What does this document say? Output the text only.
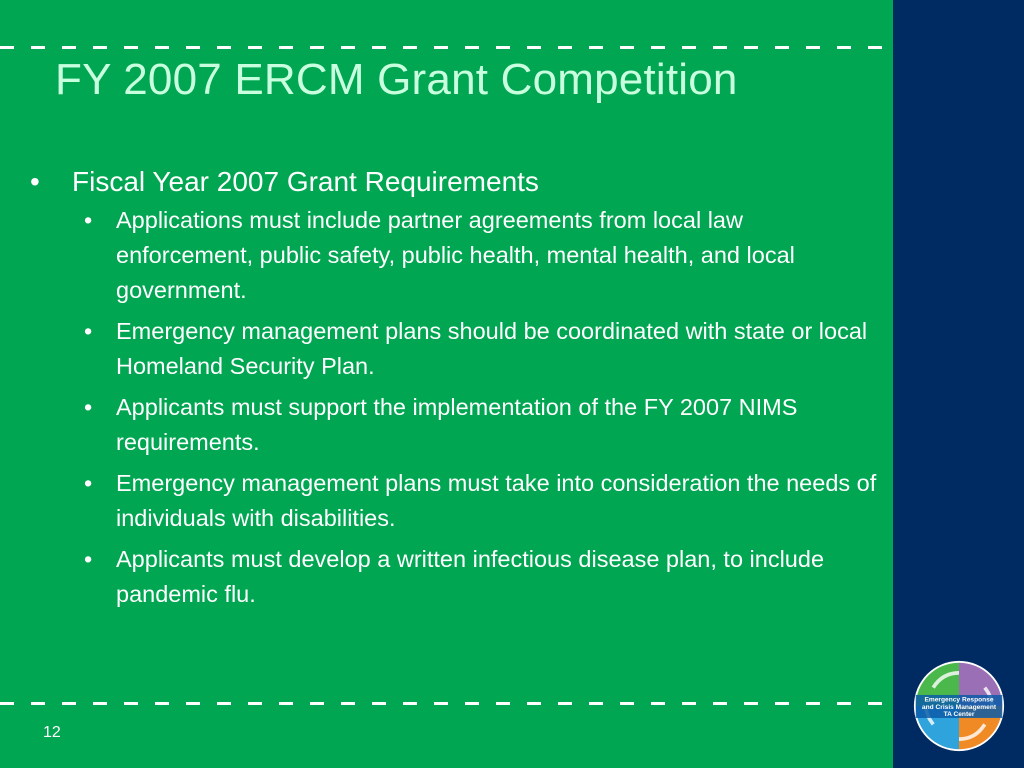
FY 2007 ERCM Grant Competition
•	Fiscal Year 2007 Grant Requirements
•	Applications must include partner agreements from local law enforcement, public safety, public health, mental health, and local government.
•	Emergency management plans should be coordinated with state or local Homeland Security Plan.
•	Applicants must support the implementation of the FY 2007 NIMS requirements.
•	Emergency management plans must take into consideration the needs of individuals with disabilities.
•	Applicants must develop a written infectious disease plan, to include pandemic flu.
12
Emergency Response
and Crisis Management
TA Center
